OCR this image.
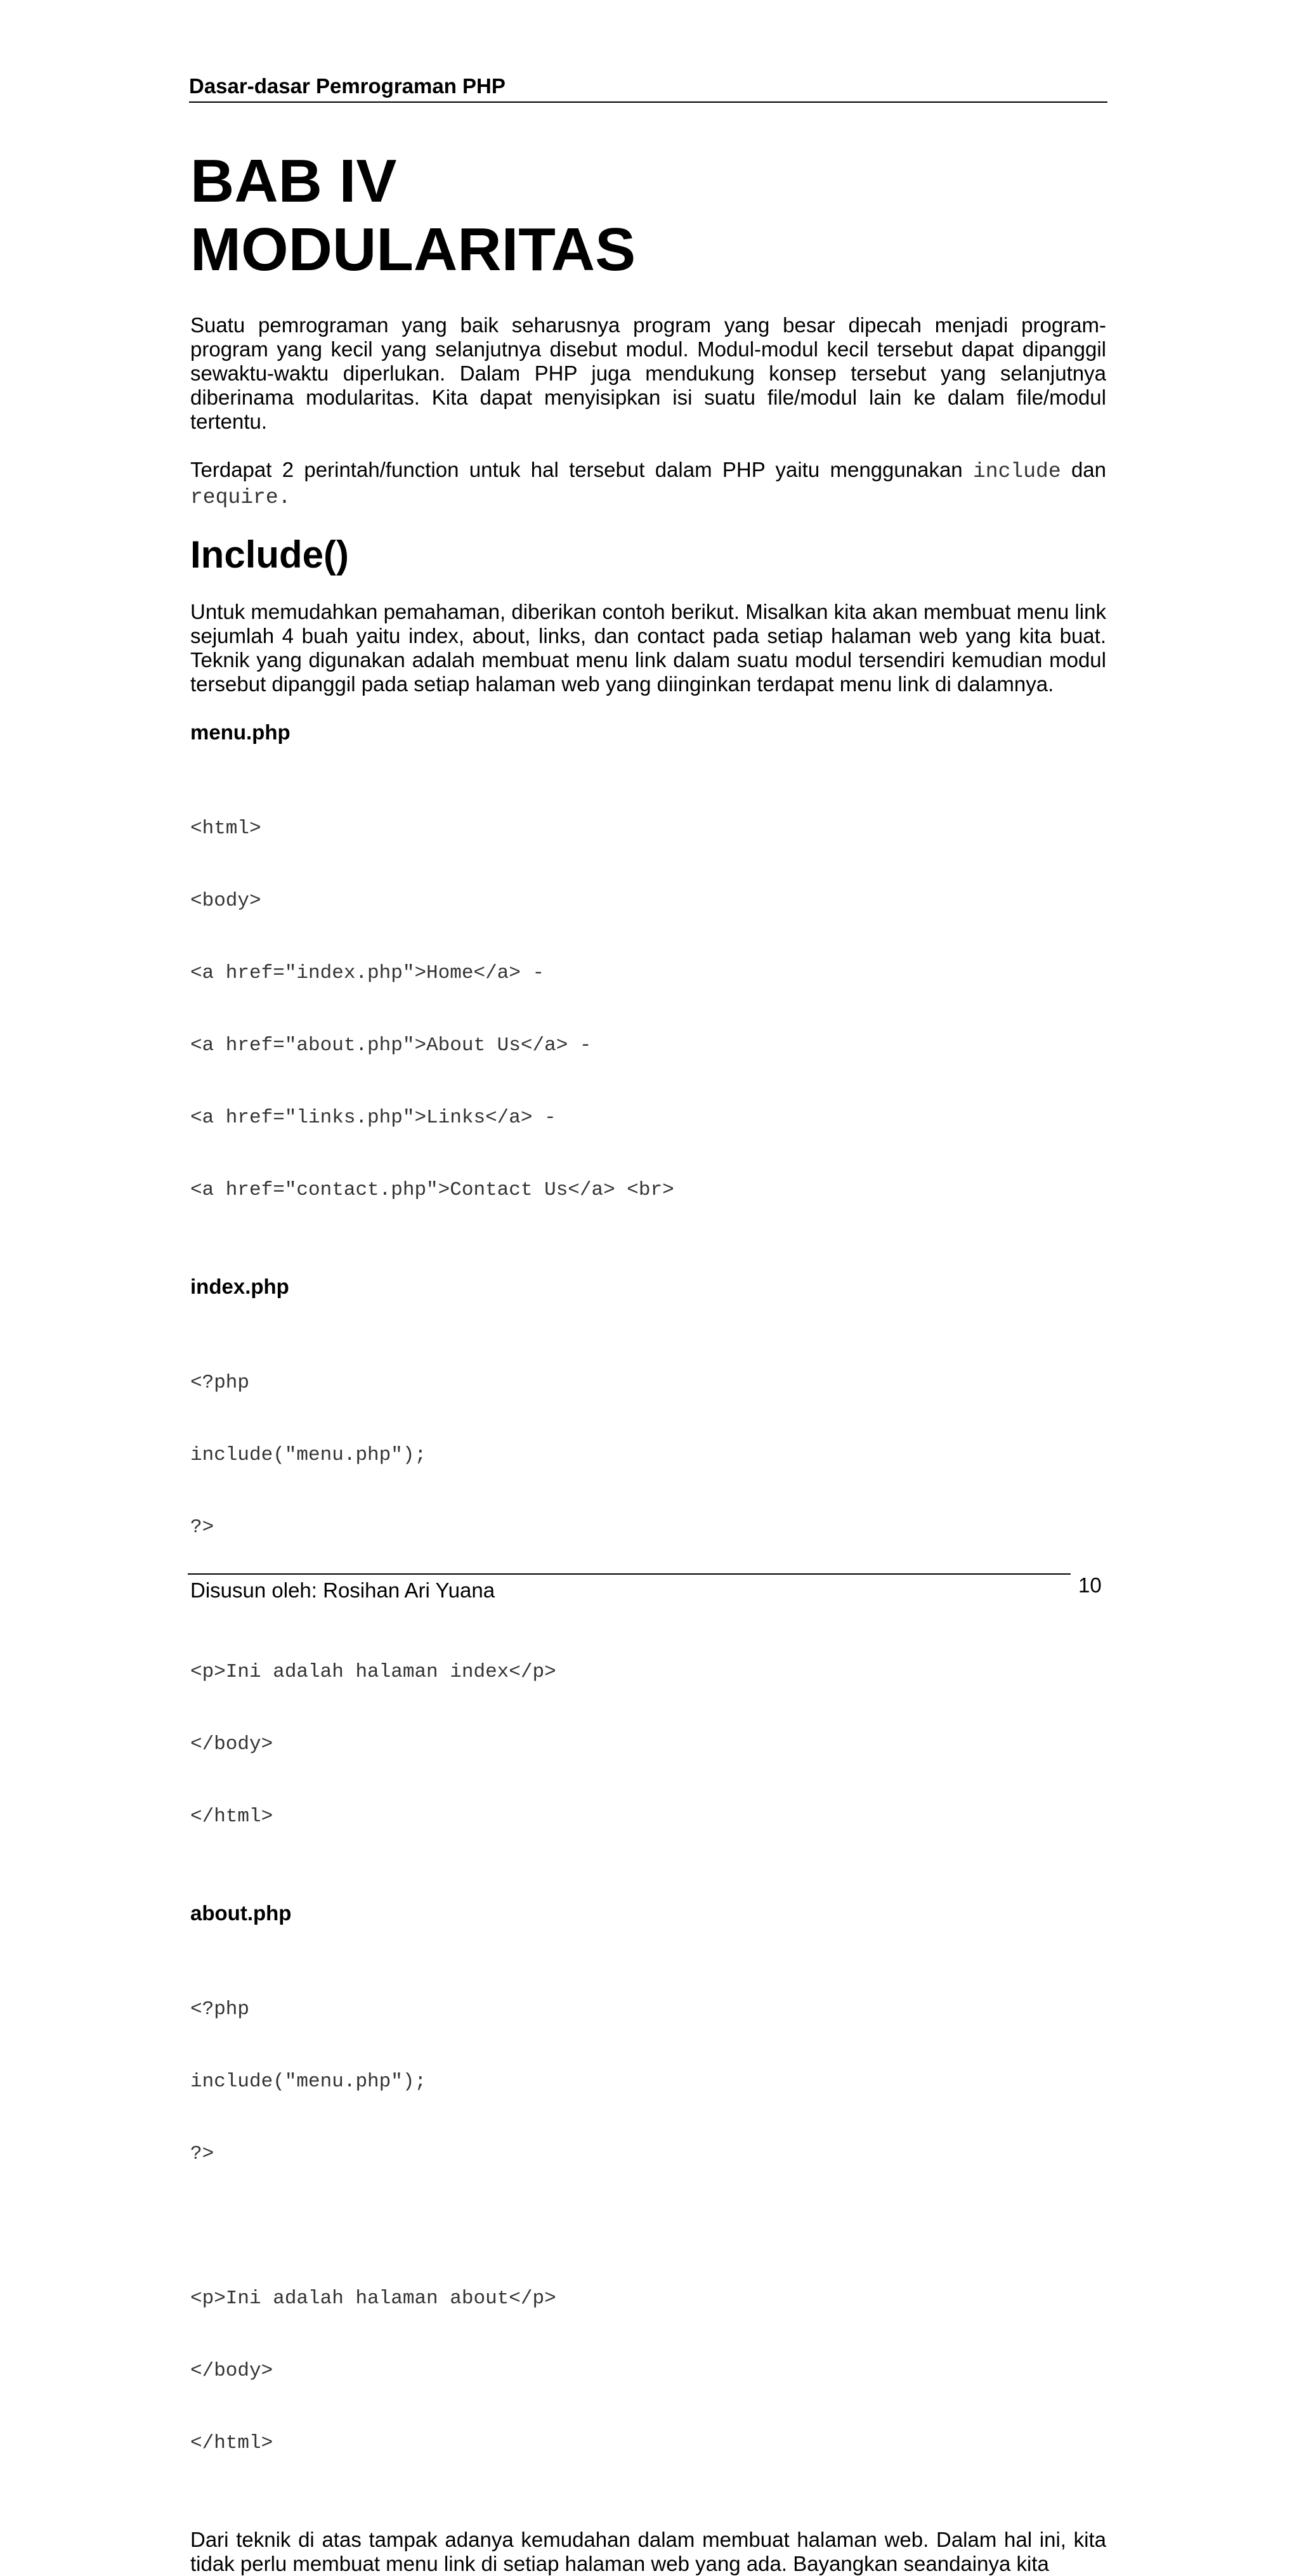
Dasar-dasar Pemrograman PHP
BAB IV
MODULARITAS

Suatu pemrograman yang baik seharusnya program yang besar dipecah menjadi program-program yang kecil yang selanjutnya disebut modul. Modul-modul kecil tersebut dapat dipanggil sewaktu-waktu diperlukan. Dalam PHP juga mendukung konsep tersebut yang selanjutnya diberinama modularitas. Kita dapat menyisipkan isi suatu file/modul lain ke dalam file/modul tertentu.

Terdapat 2 perintah/function untuk hal tersebut dalam PHP yaitu menggunakan include dan require.

Include()

Untuk memudahkan pemahaman, diberikan contoh berikut. Misalkan kita akan membuat menu link sejumlah 4 buah yaitu index, about, links, dan contact pada setiap halaman web yang kita buat. Teknik yang digunakan adalah membuat menu link dalam suatu modul tersendiri kemudian modul tersebut dipanggil pada setiap halaman web yang diinginkan terdapat menu link di dalamnya.

menu.php

<html>

<body>

<a href="index.php">Home</a> -

<a href="about.php">About Us</a> -

<a href="links.php">Links</a> -

<a href="contact.php">Contact Us</a> <br>

index.php

<?php

include("menu.php");

?>

<p>Ini adalah halaman index</p>

</body>

</html>

about.php

<?php

include("menu.php");

?>

<p>Ini adalah halaman about</p>

</body>

</html>

Dari teknik di atas tampak adanya kemudahan dalam membuat halaman web. Dalam hal ini, kita tidak perlu membuat menu link di setiap halaman web yang ada. Bayangkan seandainya kita

Disusun oleh: Rosihan Ari Yuana	10
